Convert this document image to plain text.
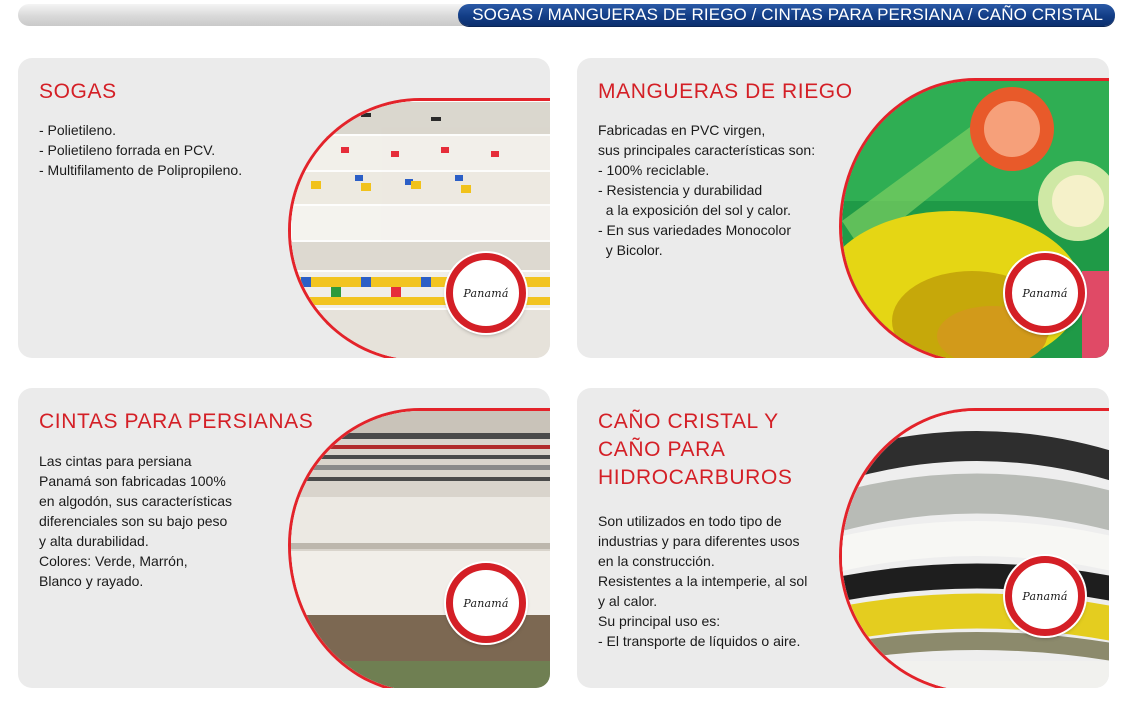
SOGAS / MANGUERAS DE RIEGO / CINTAS PARA PERSIANA / CAÑO CRISTAL
SOGAS
- Polietileno.
- Polietileno forrada en PCV.
- Multifilamento de Polipropileno.
Panamá
MANGUERAS DE RIEGO
Fabricadas en PVC virgen,
sus principales características son:
- 100% reciclable.
- Resistencia y durabilidad
a la exposición del sol y calor.
- En sus variedades Monocolor
y Bicolor.
Panamá
CINTAS PARA PERSIANAS
Las cintas para persiana
Panamá son fabricadas 100%
en algodón, sus características
diferenciales son su bajo peso
y alta durabilidad.
Colores: Verde, Marrón,
Blanco y rayado.
Panamá
CAÑO CRISTAL Y
CAÑO PARA
HIDROCARBUROS
Son utilizados en todo tipo de
industrias y para diferentes usos
en la construcción.
Resistentes a la intemperie, al sol
y al calor.
Su principal uso es:
- El transporte de líquidos o aire.
Panamá
